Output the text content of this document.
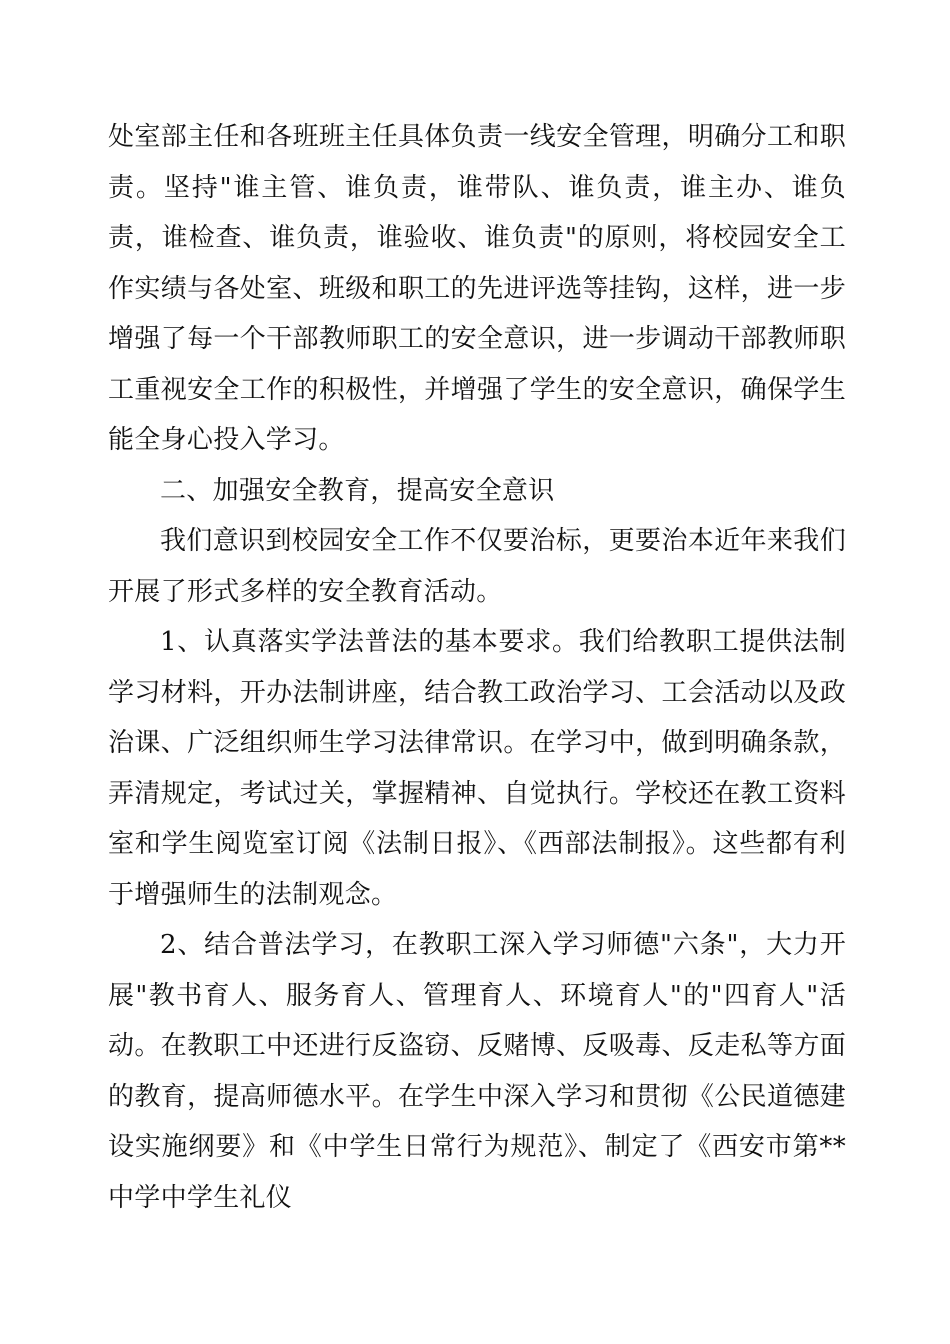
处室部主任和各班班主任具体负责一线安全管理，明确分工和职责。坚持"谁主管、谁负责，谁带队、谁负责，谁主办、谁负责，谁检查、谁负责，谁验收、谁负责"的原则，将校园安全工作实绩与各处室、班级和职工的先进评选等挂钩，这样，进一步增强了每一个干部教师职工的安全意识，进一步调动干部教师职工重视安全工作的积极性，并增强了学生的安全意识，确保学生能全身心投入学习。

二、加强安全教育，提高安全意识

我们意识到校园安全工作不仅要治标，更要治本近年来我们开展了形式多样的安全教育活动。

1、认真落实学法普法的基本要求。我们给教职工提供法制学习材料，开办法制讲座，结合教工政治学习、工会活动以及政治课、广泛组织师生学习法律常识。在学习中，做到明确条款，弄清规定，考试过关，掌握精神、自觉执行。学校还在教工资料室和学生阅览室订阅《法制日报》、《西部法制报》。这些都有利于增强师生的法制观念。

2、结合普法学习，在教职工深入学习师德"六条"，大力开展"教书育人、服务育人、管理育人、环境育人"的"四育人"活动。在教职工中还进行反盗窃、反赌博、反吸毒、反走私等方面的教育，提高师德水平。在学生中深入学习和贯彻《公民道德建设实施纲要》和《中学生日常行为规范》、制定了《西安市第**中学中学生礼仪
